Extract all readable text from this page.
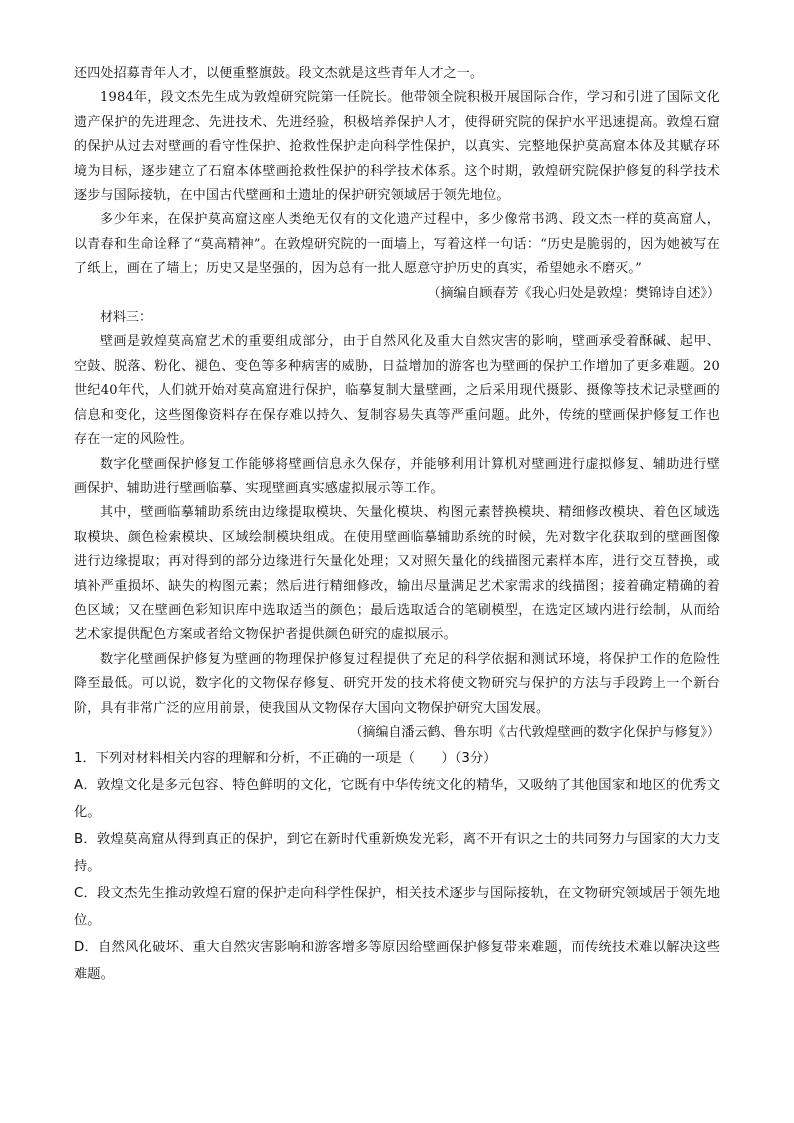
还四处招募青年人才，以便重整旗鼓。段文杰就是这些青年人才之一。

1984年，段文杰先生成为敦煌研究院第一任院长。他带领全院积极开展国际合作，学习和引进了国际文化遗产保护的先进理念、先进技术、先进经验，积极培养保护人才，使得研究院的保护水平迅速提高。敦煌石窟的保护从过去对壁画的看守性保护、抢救性保护走向科学性保护，以真实、完整地保护莫高窟本体及其赋存环境为目标，逐步建立了石窟本体壁画抢救性保护的科学技术体系。这个时期，敦煌研究院保护修复的科学技术逐步与国际接轨，在中国古代壁画和土遗址的保护研究领域居于领先地位。

多少年来，在保护莫高窟这座人类绝无仅有的文化遗产过程中，多少像常书鸿、段文杰一样的莫高窟人，以青春和生命诠释了“莫高精神”。在敦煌研究院的一面墙上，写着这样一句话：“历史是脆弱的，因为她被写在了纸上，画在了墙上；历史又是坚强的，因为总有一批人愿意守护历史的真实，希望她永不磨灭。”

（摘编自顾春芳《我心归处是敦煌：樊锦诗自述》）

材料三：

壁画是敦煌莫高窟艺术的重要组成部分，由于自然风化及重大自然灾害的影响，壁画承受着酥碱、起甲、空鼓、脱落、粉化、褪色、变色等多种病害的威胁，日益增加的游客也为壁画的保护工作增加了更多难题。20世纪40年代，人们就开始对莫高窟进行保护，临摹复制大量壁画，之后采用现代摄影、摄像等技术记录壁画的信息和变化，这些图像资料存在保存难以持久、复制容易失真等严重问题。此外，传统的壁画保护修复工作也存在一定的风险性。

数字化壁画保护修复工作能够将壁画信息永久保存，并能够利用计算机对壁画进行虚拟修复、辅助进行壁画保护、辅助进行壁画临摹、实现壁画真实感虚拟展示等工作。

其中，壁画临摹辅助系统由边缘提取模块、矢量化模块、构图元素替换模块、精细修改模块、着色区域选取模块、颜色检索模块、区域绘制模块组成。在使用壁画临摹辅助系统的时候，先对数字化获取到的壁画图像进行边缘提取；再对得到的部分边缘进行矢量化处理；又对照矢量化的线描图元素样本库，进行交互替换，或填补严重损坏、缺失的构图元素；然后进行精细修改，输出尽量满足艺术家需求的线描图；接着确定精确的着色区域；又在壁画色彩知识库中选取适当的颜色；最后选取适合的笔刷模型，在选定区域内进行绘制，从而给艺术家提供配色方案或者给文物保护者提供颜色研究的虚拟展示。

数字化壁画保护修复为壁画的物理保护修复过程提供了充足的科学依据和测试环境，将保护工作的危险性降至最低。可以说，数字化的文物保存修复、研究开发的技术将使文物研究与保护的方法与手段跨上一个新台阶，具有非常广泛的应用前景，使我国从文物保存大国向文物保护研究大国发展。

（摘编自潘云鹤、鲁东明《古代敦煌壁画的数字化保护与修复》）

1．下列对材料相关内容的理解和分析，不正确的一项是（　　）（3分）

A．敦煌文化是多元包容、特色鲜明的文化，它既有中华传统文化的精华，又吸纳了其他国家和地区的优秀文化。

B．敦煌莫高窟从得到真正的保护，到它在新时代重新焕发光彩，离不开有识之士的共同努力与国家的大力支持。

C．段文杰先生推动敦煌石窟的保护走向科学性保护，相关技术逐步与国际接轨，在文物研究领域居于领先地位。

D．自然风化破坏、重大自然灾害影响和游客增多等原因给壁画保护修复带来难题，而传统技术难以解决这些难题。
